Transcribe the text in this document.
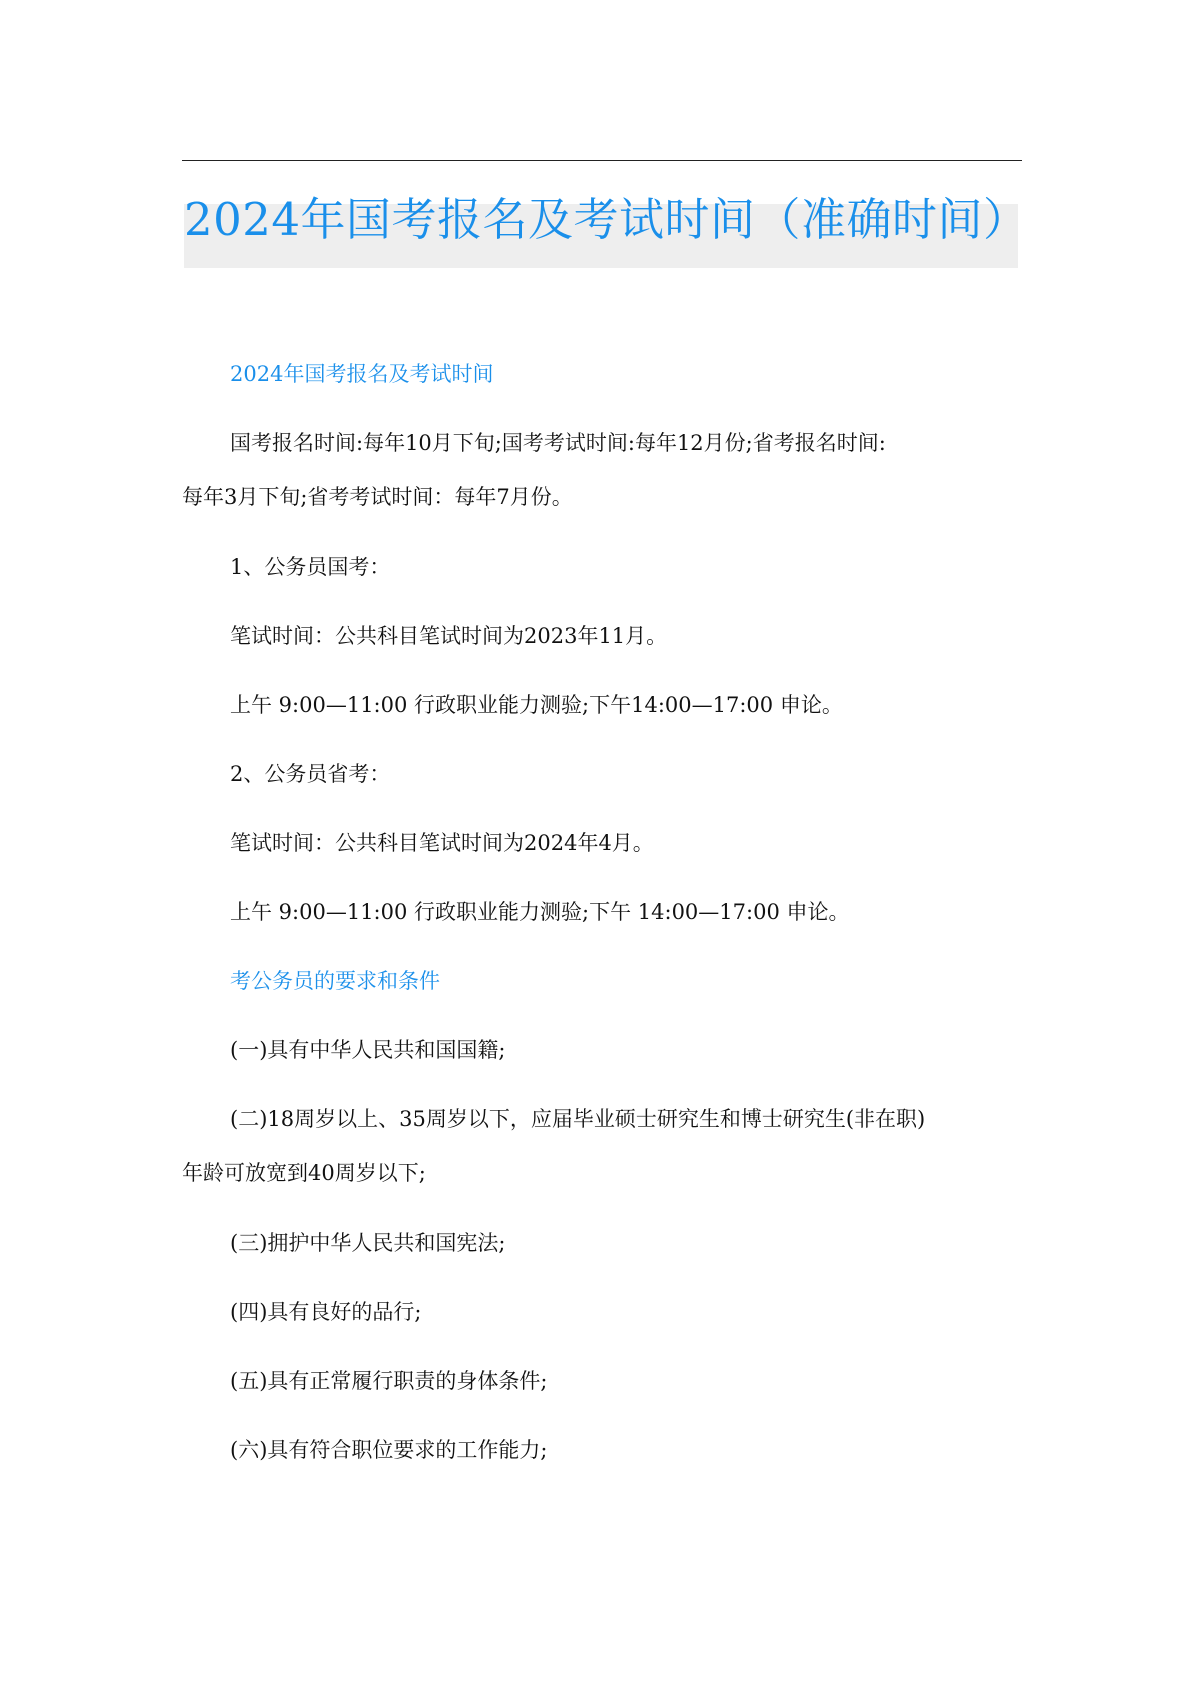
2024年国考报名及考试时间（准确时间）

2024年国考报名及考试时间

国考报名时间:每年10月下旬;国考考试时间:每年12月份;省考报名时间:

每年3月下旬;省考考试时间：每年7月份。

1、公务员国考：

笔试时间：公共科目笔试时间为2023年11月。

上午 9:00—11:00 行政职业能力测验;下午14:00—17:00 申论。

2、公务员省考：

笔试时间：公共科目笔试时间为2024年4月。

上午 9:00—11:00 行政职业能力测验;下午 14:00—17:00 申论。

考公务员的要求和条件

(一)具有中华人民共和国国籍;

(二)18周岁以上、35周岁以下，应届毕业硕士研究生和博士研究生(非在职)

年龄可放宽到40周岁以下;

(三)拥护中华人民共和国宪法;

(四)具有良好的品行;

(五)具有正常履行职责的身体条件;

(六)具有符合职位要求的工作能力;
